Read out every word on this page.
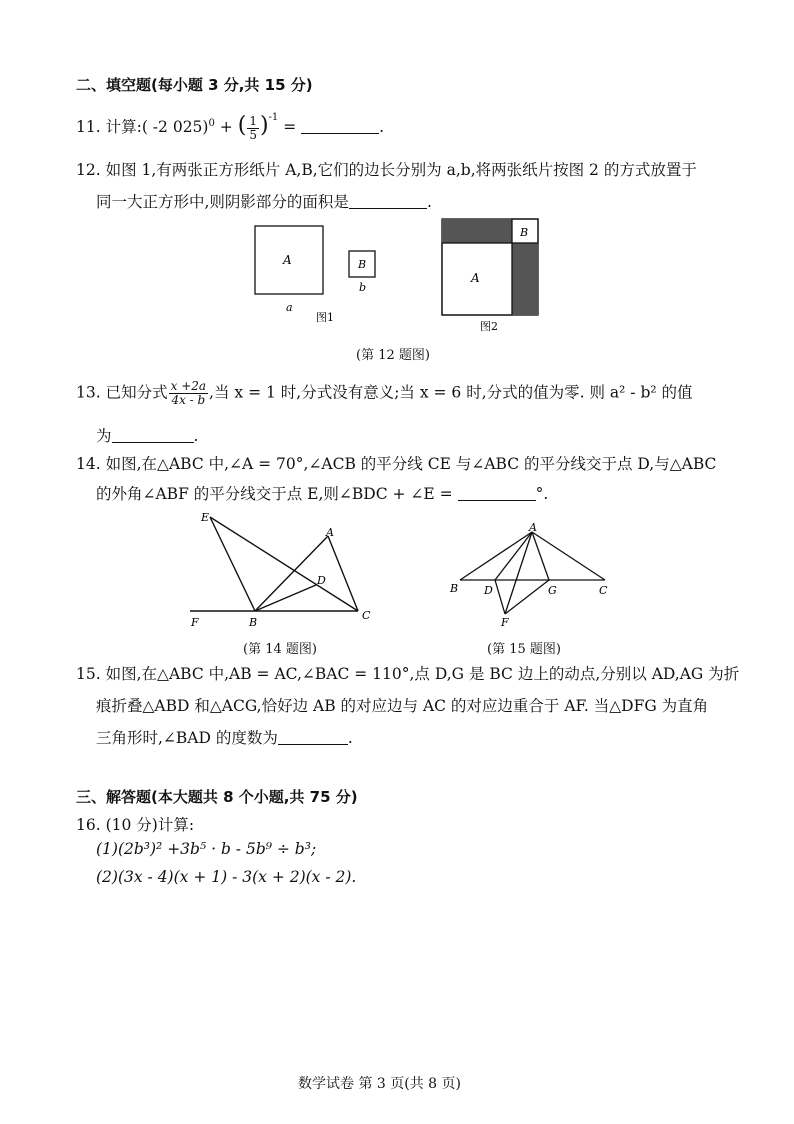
二、填空题(每小题 3 分,共 15 分)
11. 计算:( -2 025)$^0$ + ( $\frac{1}{5} )^{-1}$ =	.
12. 如图 1,有两张正方形纸片 A,B,它们的边长分别为 a,b,将两张纸片按图 2 的方式放置于
同一大正方形中,则阴影部分的面积是	.
A
a
B
b
图1
A
B
图2
(第 12 题图)
13. 已知分式 $\frac{x +2a}{4x - b}$ ,当 x = 1 时,分式没有意义;当 x = 6 时,分式的值为零. 则 a² - b² 的值
为	.
14. 如图,在△ABC 中,∠A = 70°,∠ACB 的平分线 CE 与∠ABC 的平分线交于点 D,与△ABC
的外角∠ABF 的平分线交于点 E,则∠BDC + ∠E =	°.
E
A
D
F	B
C
(第 14 题图)
A
B D	G	C
F
(第 15 题图)
15. 如图,在△ABC 中,AB = AC,∠BAC = 110°,点 D,G 是 BC 边上的动点,分别以 AD,AG 为折
痕折叠△ABD 和△ACG,恰好边 AB 的对应边与 AC 的对应边重合于 AF. 当△DFG 为直角
三角形时,∠BAD 的度数为	.
三、解答题(本大题共 8 个小题,共 75 分)
16. (10 分)计算:
(1)(2b³)² +3b⁵ · b - 5b⁹ ÷ b³;
(2)(3x - 4)(x + 1) - 3(x + 2)(x - 2).
数学试卷 第 3 页(共 8 页)
